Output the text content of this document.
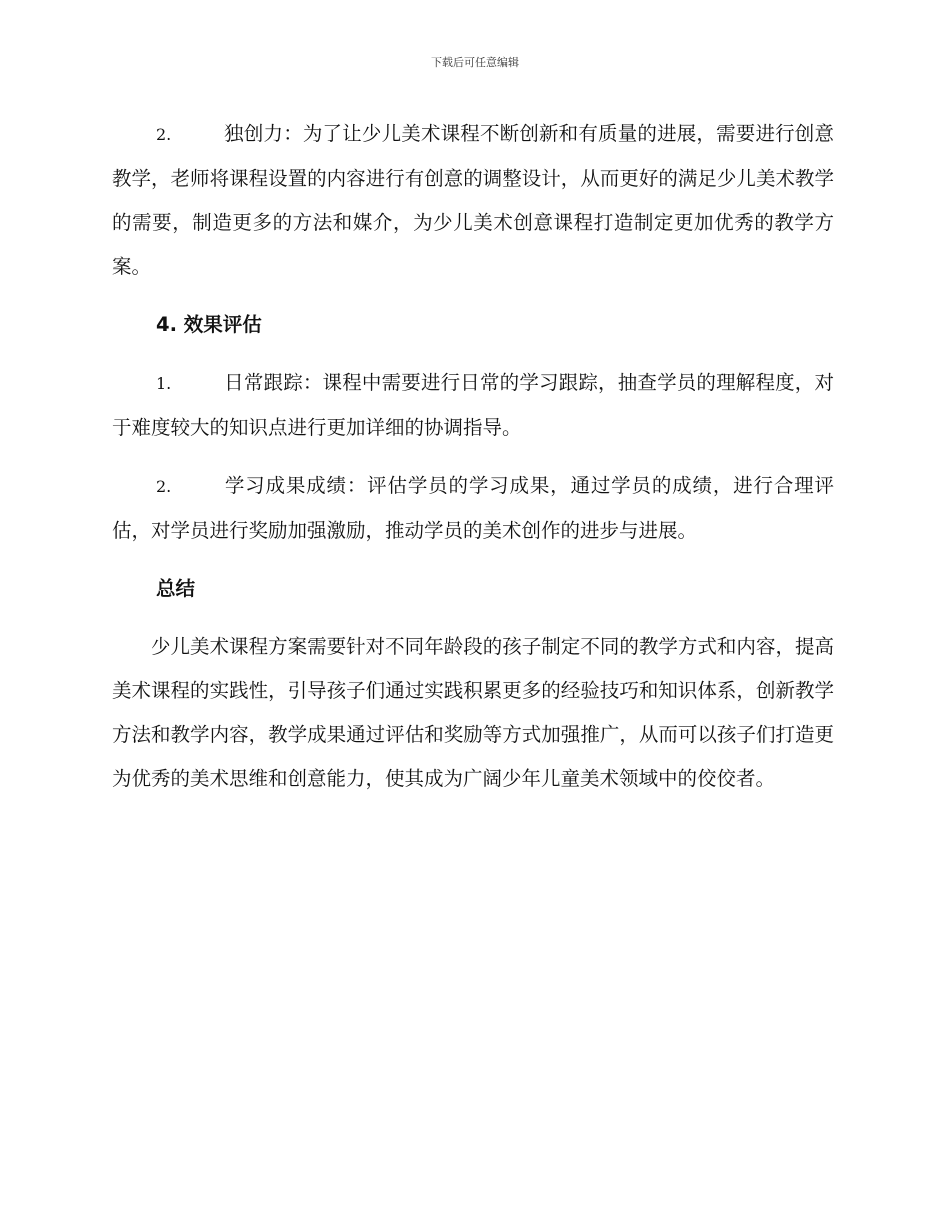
下载后可任意编辑

2.	独创力：为了让少儿美术课程不断创新和有质量的进展，需要进行创意教学，老师将课程设置的内容进行有创意的调整设计，从而更好的满足少儿美术教学的需要，制造更多的方法和媒介，为少儿美术创意课程打造制定更加优秀的教学方案。

4. 效果评估

1.	日常跟踪：课程中需要进行日常的学习跟踪，抽查学员的理解程度，对于难度较大的知识点进行更加详细的协调指导。

2.	学习成果成绩：评估学员的学习成果，通过学员的成绩，进行合理评估，对学员进行奖励加强激励，推动学员的美术创作的进步与进展。

总结

少儿美术课程方案需要针对不同年龄段的孩子制定不同的教学方式和内容，提高美术课程的实践性，引导孩子们通过实践积累更多的经验技巧和知识体系，创新教学方法和教学内容，教学成果通过评估和奖励等方式加强推广，从而可以孩子们打造更为优秀的美术思维和创意能力，使其成为广阔少年儿童美术领域中的佼佼者。
